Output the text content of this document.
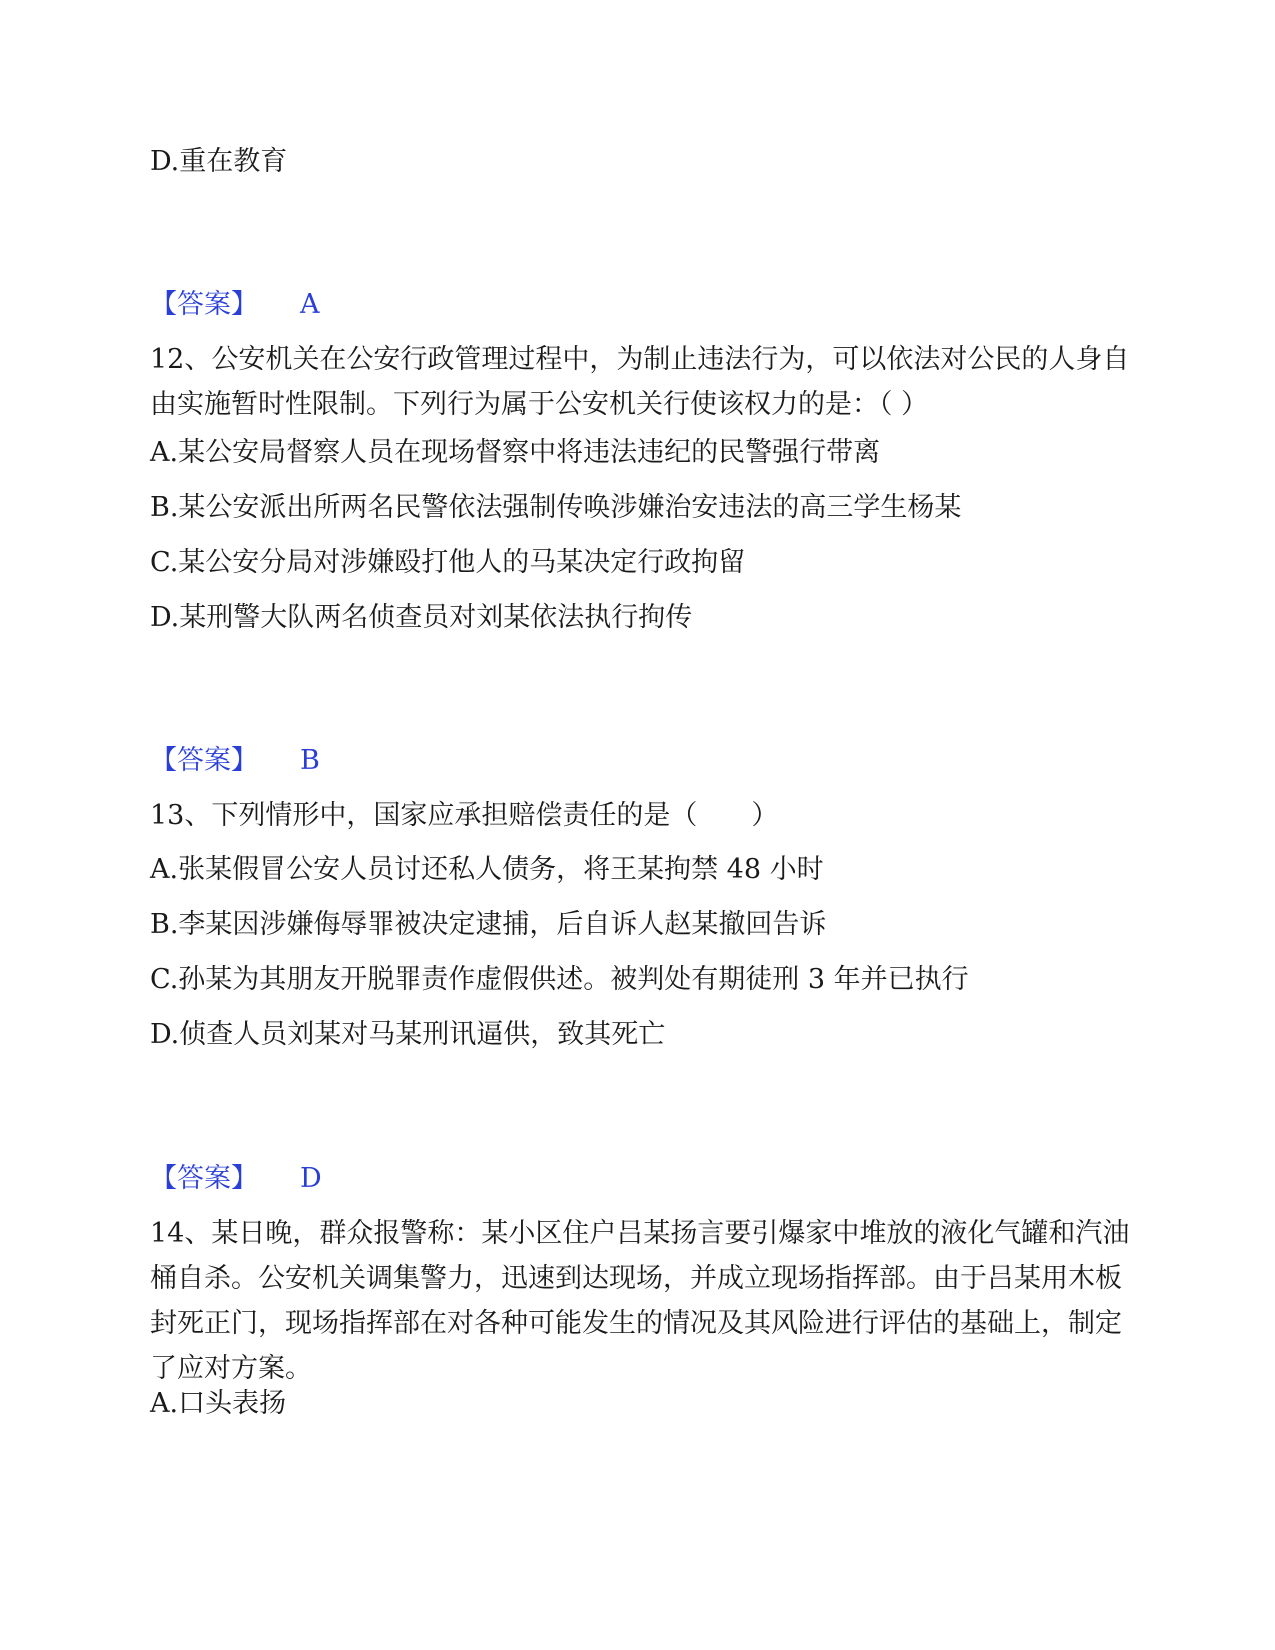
D.重在教育
【答案】 A
12、公安机关在公安行政管理过程中，为制止违法行为，可以依法对公民的人身自由实施暂时性限制。下列行为属于公安机关行使该权力的是：（ ）
A.某公安局督察人员在现场督察中将违法违纪的民警强行带离
B.某公安派出所两名民警依法强制传唤涉嫌治安违法的高三学生杨某
C.某公安分局对涉嫌殴打他人的马某决定行政拘留
D.某刑警大队两名侦查员对刘某依法执行拘传
【答案】 B
13、下列情形中，国家应承担赔偿责任的是（　　）
A.张某假冒公安人员讨还私人债务，将王某拘禁 48 小时
B.李某因涉嫌侮辱罪被决定逮捕，后自诉人赵某撤回告诉
C.孙某为其朋友开脱罪责作虚假供述。被判处有期徒刑 3 年并已执行
D.侦查人员刘某对马某刑讯逼供，致其死亡
【答案】 D
14、某日晚，群众报警称：某小区住户吕某扬言要引爆家中堆放的液化气罐和汽油桶自杀。公安机关调集警力，迅速到达现场，并成立现场指挥部。由于吕某用木板封死正门，现场指挥部在对各种可能发生的情况及其风险进行评估的基础上，制定了应对方案。
A.口头表扬
